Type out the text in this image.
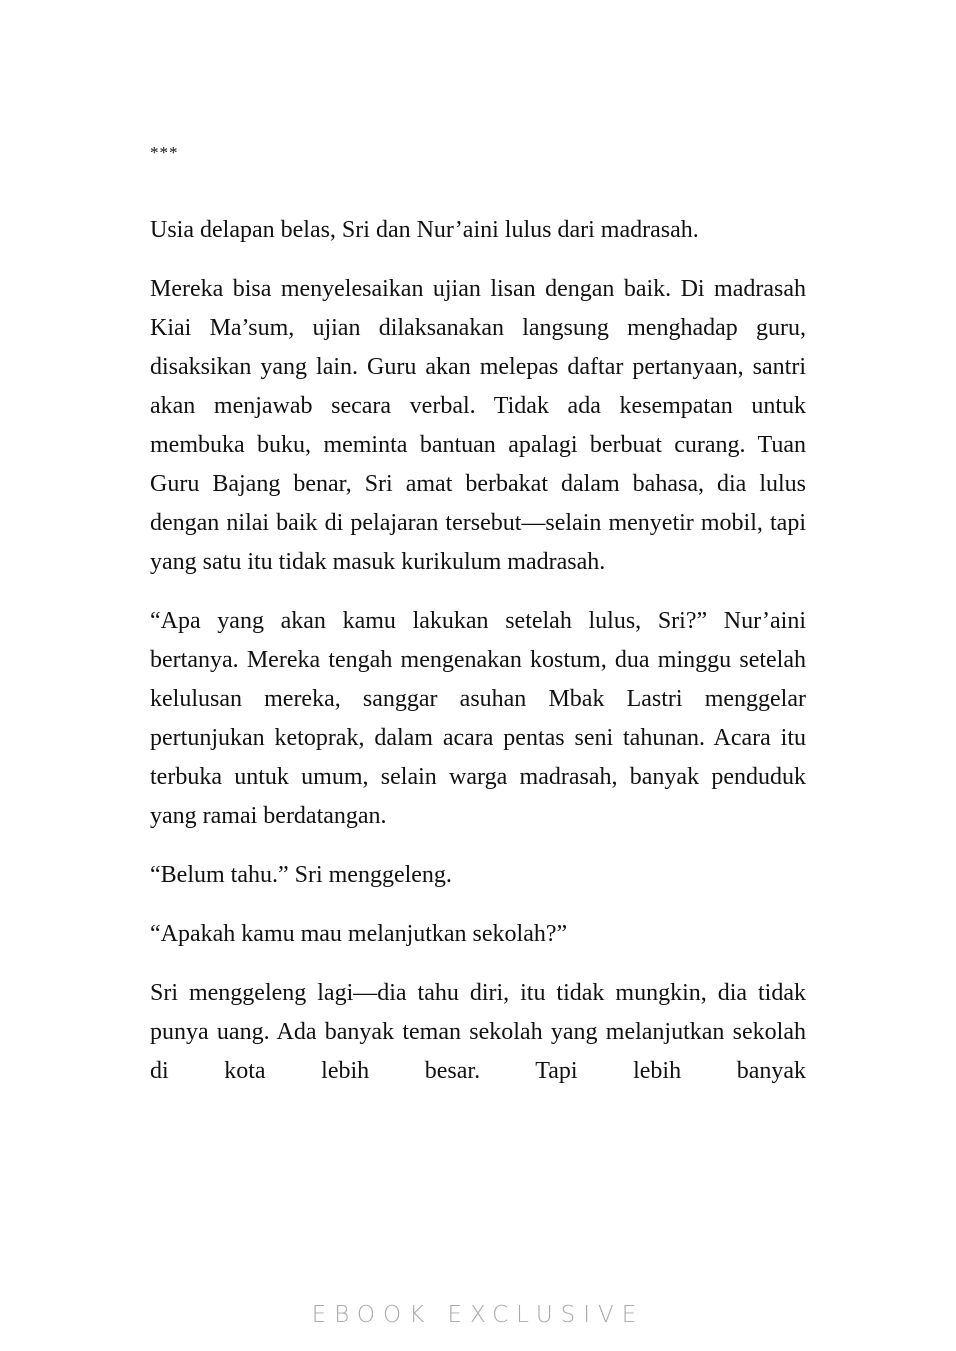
***

Usia delapan belas, Sri dan Nur’aini lulus dari madrasah.

Mereka bisa menyelesaikan ujian lisan dengan baik. Di madrasah Kiai Ma’sum, ujian dilaksanakan langsung menghadap guru, disaksikan yang lain. Guru akan melepas daftar pertanyaan, santri akan menjawab secara verbal. Tidak ada kesempatan untuk membuka buku, meminta bantuan apalagi berbuat curang. Tuan Guru Bajang benar, Sri amat berbakat dalam bahasa, dia lulus dengan nilai baik di pelajaran tersebut—selain menyetir mobil, tapi yang satu itu tidak masuk kurikulum madrasah.

“Apa yang akan kamu lakukan setelah lulus, Sri?” Nur’aini bertanya. Mereka tengah mengenakan kostum, dua minggu setelah kelulusan mereka, sanggar asuhan Mbak Lastri menggelar pertunjukan ketoprak, dalam acara pentas seni tahunan. Acara itu terbuka untuk umum, selain warga madrasah, banyak penduduk yang ramai berdatangan.

“Belum tahu.” Sri menggeleng.

“Apakah kamu mau melanjutkan sekolah?”

Sri menggeleng lagi—dia tahu diri, itu tidak mungkin, dia tidak punya uang. Ada banyak teman sekolah yang melanjutkan sekolah di kota lebih besar. Tapi lebih banyak

EBOOK EXCLUSIVE
